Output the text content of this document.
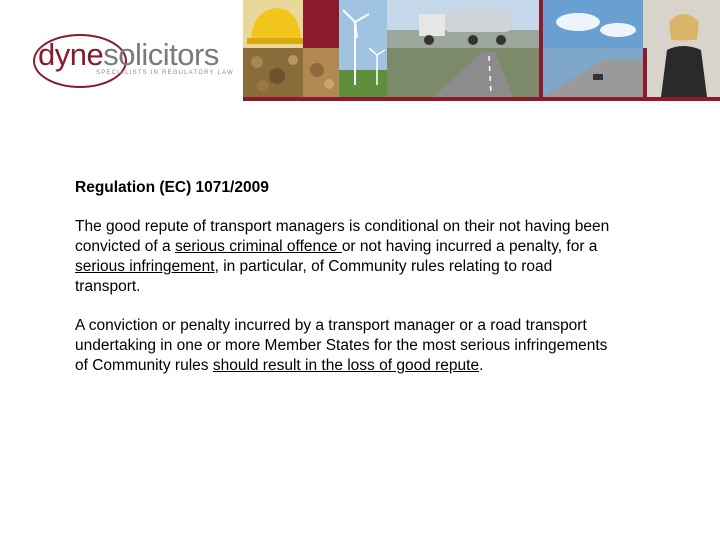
dynesolicitors
SPECIALISTS IN REGULATORY LAW

Regulation (EC) 1071/2009

The good repute of transport managers is conditional on their not having been convicted of a serious criminal offence or not having incurred a penalty, for a serious infringement, in particular, of Community rules relating to road transport.

A conviction or penalty incurred by a transport manager or a road transport undertaking in one or more Member States for the most serious infringements of Community rules should result in the loss of good repute.
